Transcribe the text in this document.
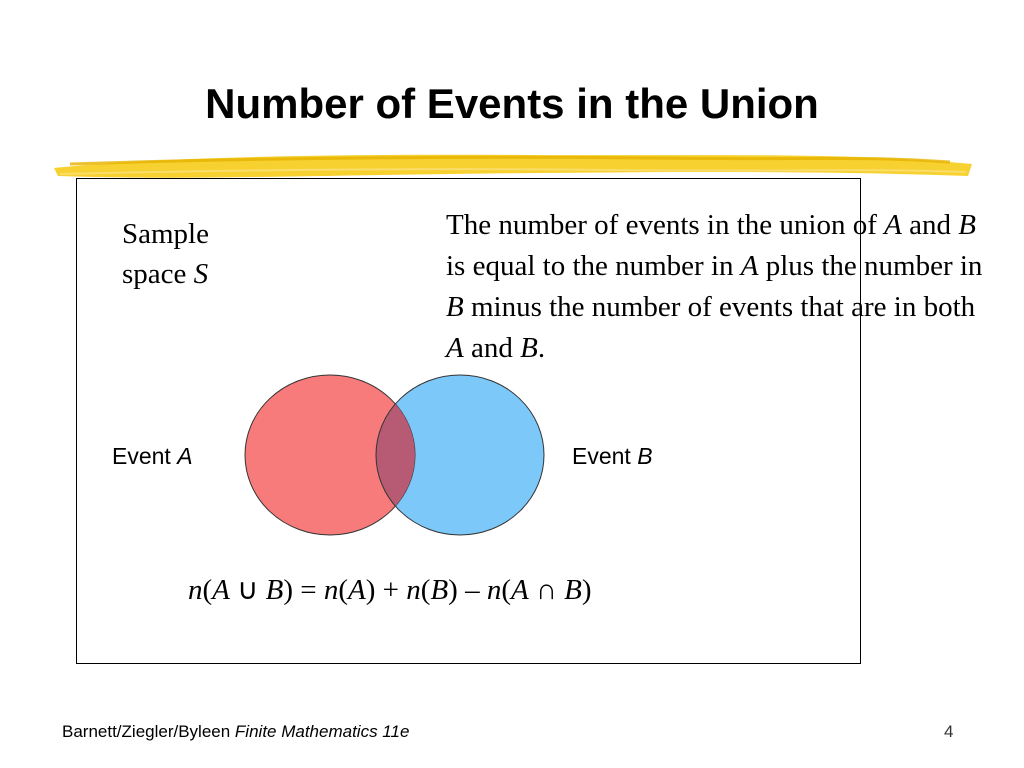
Number of Events in the Union
Sample
space S
The number of events in the union of A and B is equal to the number in A plus the number in B minus the number of events that are in both A and B.
Event A	Event B
n(A ∪ B) = n(A) + n(B) – n(A ∩ B)
Barnett/Ziegler/Byleen Finite Mathematics 11e	4
